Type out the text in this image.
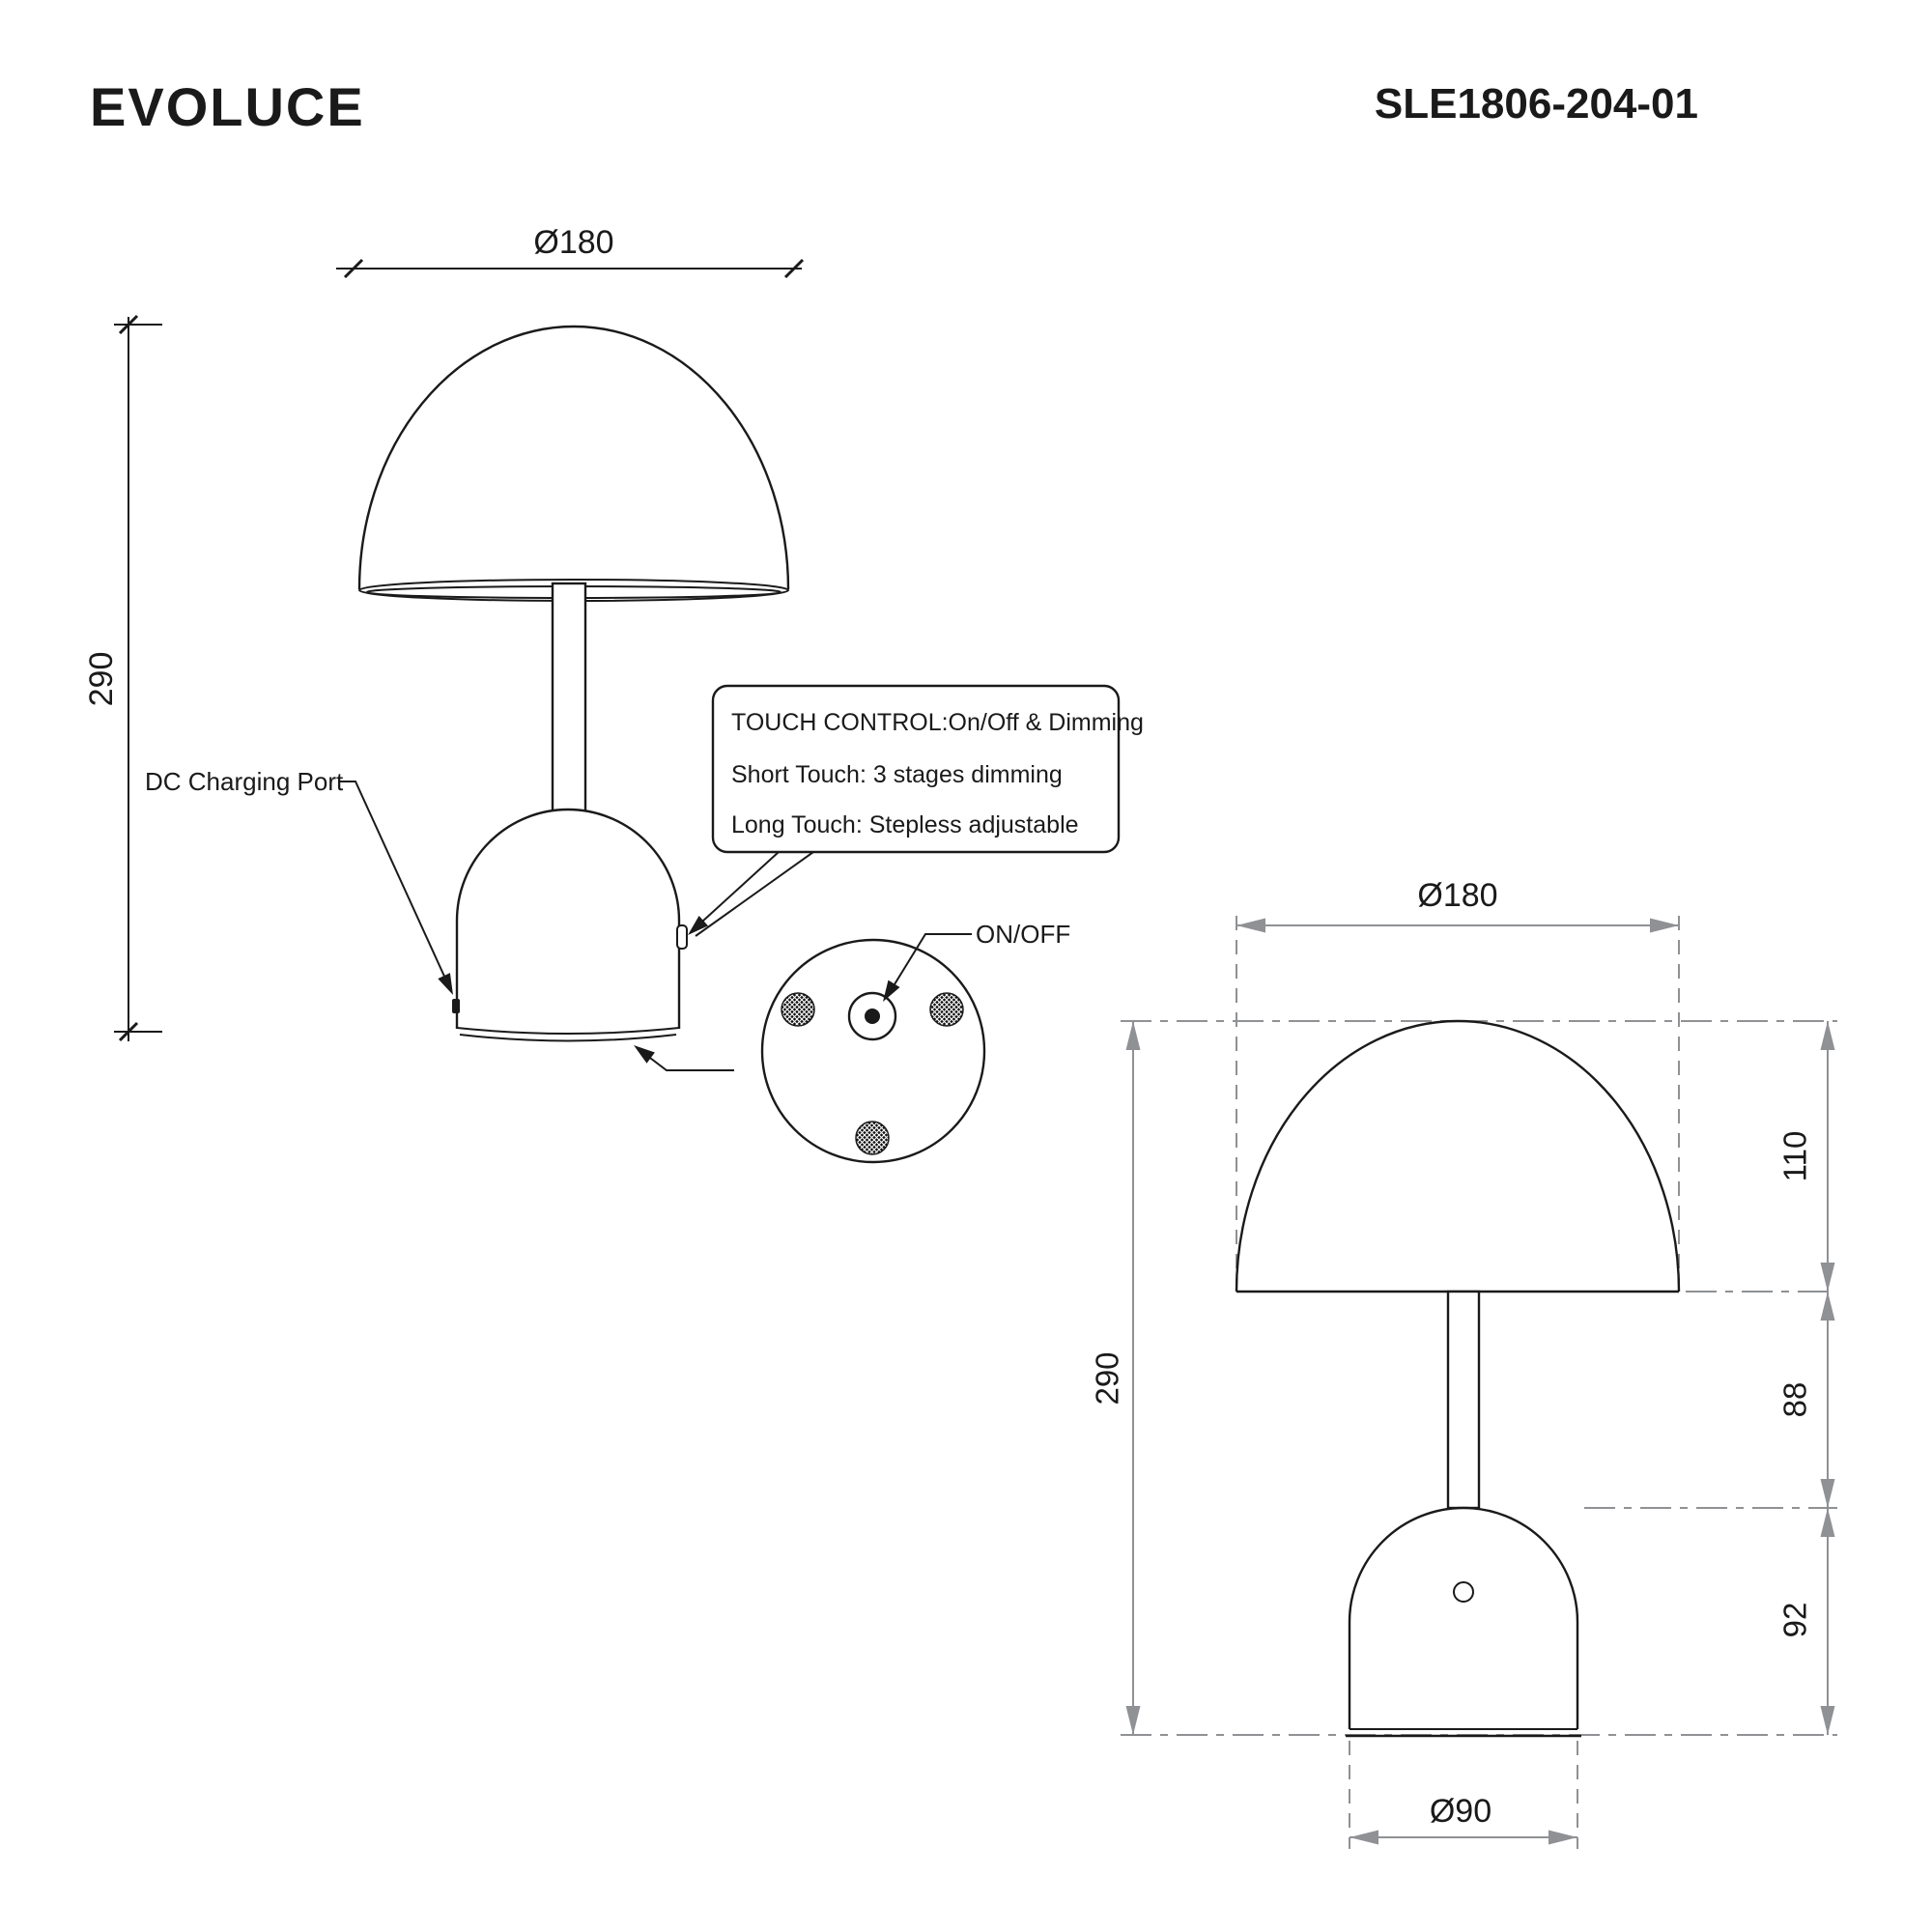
EVOLUCE	SLE1806-204-01
Ø180
290
DC Charging Port
TOUCH CONTROL:On/Off & Dimming
Short Touch: 3 stages dimming
Long Touch: Stepless adjustable
ON/OFF
Ø180
290
110
88
92
Ø90
